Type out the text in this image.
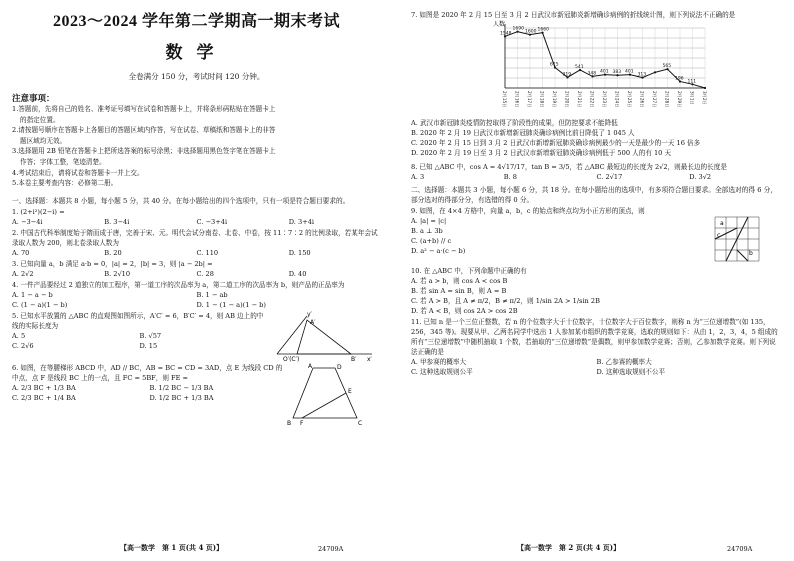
2023～2024 学年第二学期高一期末考试
数学
全卷满分 150 分，考试时间 120 分钟。
注意事项：

1.答题前，先将自己的姓名、准考证号填写在试卷和答题卡上，并将条形码粘贴在答题卡上

的指定位置。

2.请按题号顺序在答题卡上各题目的答题区域内作答，写在试卷、草稿纸和答题卡上的非答

题区域均无效。

3.选择题用 2B 铅笔在答题卡上把所选答案的标号涂黑；非选择题用黑色签字笔在答题卡上

作答；字体工整，笔迹清楚。

4.考试结束后，请将试卷和答题卡一并上交。

5.本卷主要考查内容：必修第二册。

一、选择题：本题共 8 小题，每小题 5 分，共 40 分。在每小题给出的四个选项中，只有一项是符合题目要求的。

1. (2+i²)(2−i) =

A. −3−4i	B. 3−4i	C. −3+4i	D. 3+4i

2. 中国古代科举制度始于隋而成于唐，完善于宋、元。明代会试分南卷、北卷、中卷，按 11∶7∶2 的比例录取，若某年会试录取人数为 200，则北卷录取人数为

A. 70	B. 20	C. 110	D. 150

3. 已知向量 a，b 满足 a·b = 0，|a| = 2，|b| = 3，则 |a − 2b| =

A. 2√2	B. 2√10	C. 28	D. 40

4. 一件产品要经过 2 道独立的加工程序，第一道工序的次品率为 a，第二道工序的次品率为 b，则产品的正品率为

A. 1 − a − b	B. 1 − ab
C. (1 − a)(1 − b)	D. 1 − (1 − a)(1 − b)

5. 已知水平放置的 △ABC 的直观图如图所示，A′C′ = 6，B′C′ = 4，则 AB 边上的中线的实际长度为

A. 5	B. √57
C. 2√6	D. 15
y′
A′
B′
O′(C′)	x′

6. 如图，在等腰梯形 ABCD 中，AD // BC，AB = BC = CD = 3AD，点 E 为线段 CD 的中点，点 F 是线段 BC 上的一点，且 FC = 5BF，则 FE =

A. 2/3 BC + 1/3 BA	B. 1/2 BC − 1/3 BA
C. 2/3 BC + 1/4 BA	D. 1/2 BC + 1/3 BA
A	D
B F	C
E
【高一数学　第 1 页(共 4 页)】	24709A

7. 如图是 2020 年 2 月 15 日至 3 月 2 日武汉市新冠肺炎新增确诊病例的折线统计图，则下列说法不正确的是

1548
2月15日
1690
2月16日
1600
2月17日
1660
2月18日
615
2月19日
319
2月20日
541
2月21日
348
2月22日
401
2月23日
383
2月24日
401
2月25日
313
2月26日 2月27日
565
2月28日
196
2月29日
111
3月1日 3月2日
人数
A. 武汉市新冠肺炎疫情防控取得了阶段性的成果，但防控要求不能降低
B. 2020 年 2 月 19 日武汉市新增新冠肺炎确诊病例比前日降低了 1 045 人
C. 2020 年 2 月 15 日到 3 月 2 日武汉市新增新冠肺炎确诊病例最少的一天是最少的一天 16 倍多
D. 2020 年 2 月 19 日至 3 月 2 日武汉市新增新冠肺炎确诊病例低于 500 人的有 10 天

8. 已知 △ABC 中，cos A = 4√17/17，tan B = 3/5，若 △ABC 最短边的长度为 2√2，则最长边的长度是

A. 3	B. 8	C. 2√17	D. 3√2
二、选择题：本题共 3 小题，每小题 6 分，共 18 分。在每小题给出的选项中，有多项符合题目要求。全部选对的得 6 分，部分选对的得部分分，有选错的得 0 分。

9. 如图，在 4×4 方格中，向量 a，b，c 的始点和终点均为小正方形的顶点，则

A. |a| = |c|
B. a ⊥ 3b
C. (a+b) // c
D. a² − a·(c − b)
a
c
b

10. 在 △ABC 中，下列命题中正确的有

A. 若 a > b，则 cos A < cos B
B. 若 sin A = sin B，则 A = B
C. 若 A > B，且 A ≠ π/2，B ≠ π/2，则 1/sin 2A > 1/sin 2B
D. 若 A < B，则 cos 2A > cos 2B

11. 已知 n 是一个三位正整数，若 n 的个位数字大于十位数字，十位数字大于百位数字，则称 n 为“三位递增数”(如 135，256，345 等)。现要从甲、乙两名同学中选出 1 人参加某市组织的数学竞赛，选取的规则如下：从由 1，2，3，4，5 组成的所有“三位递增数”中随机抽取 1 个数，若抽取的“三位递增数”是偶数，则甲参加数学竞赛；否则，乙参加数学竞赛。则下列说法正确的是

A. 甲参赛的概率大	B. 乙参赛的概率大
C. 这种选取规则公平	D. 这种选取规则不公平
【高一数学　第 2 页(共 4 页)】	24709A
